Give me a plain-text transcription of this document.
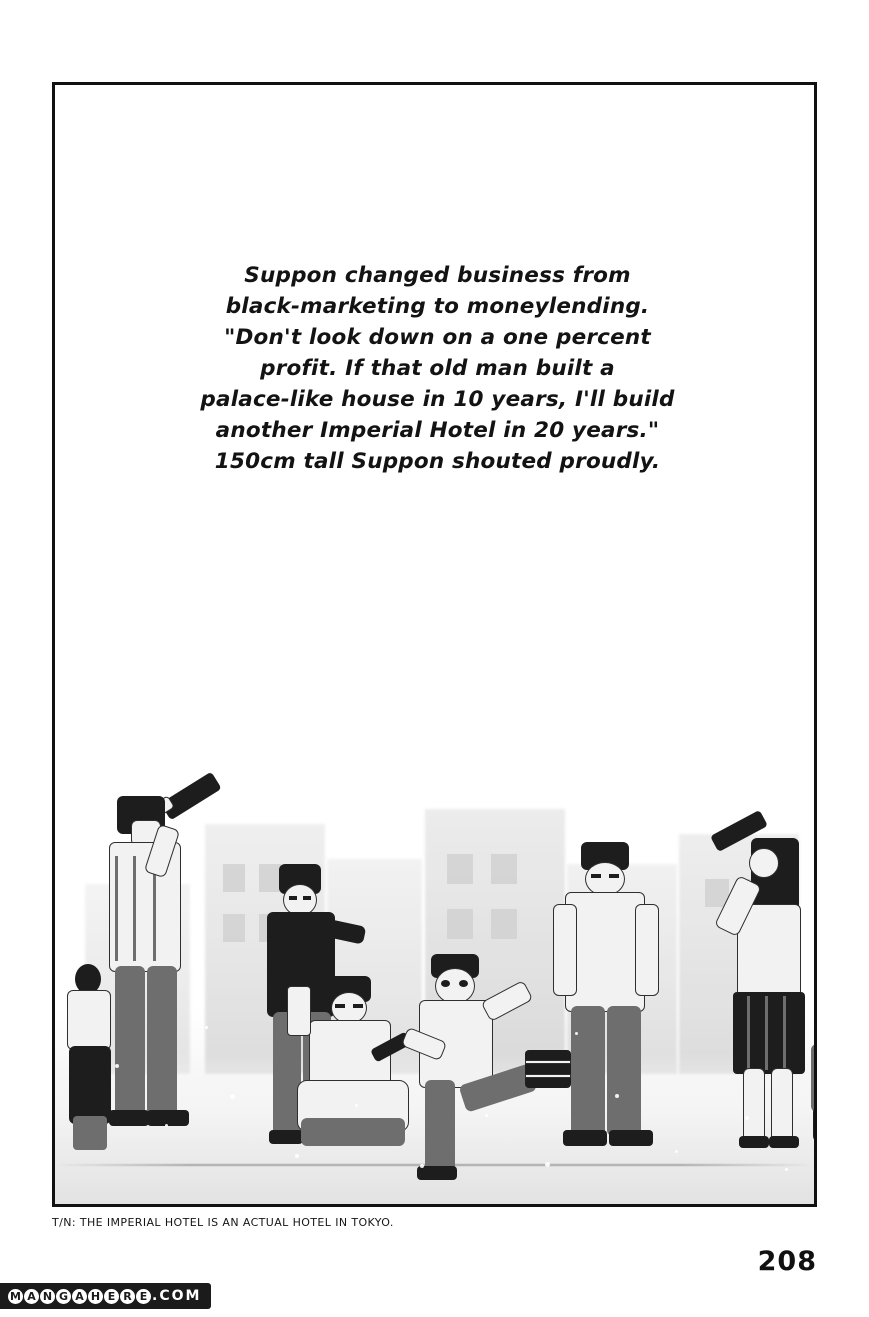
Suppon changed business from
black-marketing to moneylending.
"Don't look down on a one percent
profit. If that old man built a
palace-like house in 10 years, I'll build
another Imperial Hotel in 20 years."
150cm tall Suppon shouted proudly.
T/N: THE IMPERIAL HOTEL IS AN ACTUAL HOTEL IN TOKYO.
208
M A N G A H E R E .COM
